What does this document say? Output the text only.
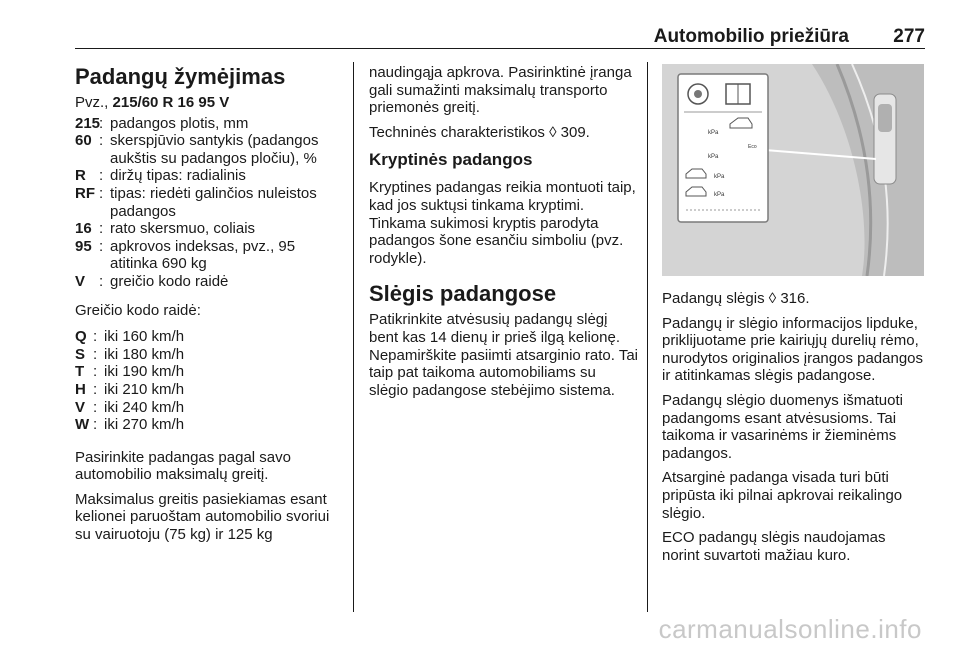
Automobilio priežiūra 277
Padangų žymėjimas

Pvz., 215/60 R 16 95 V

215
: padangos plotis, mm
60 : skerspjūvio santykis (padangos aukštis su padangos pločiu), %
R : diržų tipas: radialinis
RF : tipas: riedėti galinčios nuleistos padangos
16 : rato skersmuo, coliais
95 : apkrovos indeksas, pvz., 95 atitinka 690 kg
V : greičio kodo raidė

Greičio kodo raidė:

Q : iki 160 km/h
S : iki 180 km/h
T : iki 190 km/h
H : iki 210 km/h
V : iki 240 km/h
W : iki 270 km/h

Pasirinkite padangas pagal savo automobilio maksimalų greitį.

Maksimalus greitis pasiekiamas esant kelionei paruoštam automobilio svoriui su vairuotoju (75 kg) ir 125 kg

naudingąja apkrova. Pasirinktinė įranga gali sumažinti maksimalų transporto priemonės greitį.

Techninės charakteristikos ◊ 309.

Kryptinės padangos

Kryptines padangas reikia montuoti taip, kad jos suktųsi tinkama kryptimi. Tinkama sukimosi kryptis parodyta padangos šone esančiu simboliu (pvz. rodykle).

Slėgis padangose

Patikrinkite atvėsusių padangų slėgį bent kas 14 dienų ir prieš ilgą kelionę. Nepamirškite pasiimti atsarginio rato. Tai taip pat taikoma automobiliams su slėgio padangose stebėjimo sistema.

kPa
Eco
kPa
kPa
kPa

Padangų slėgis ◊ 316.

Padangų ir slėgio informacijos lipduke, priklijuotame prie kairiųjų durelių rėmo, nurodytos originalios įrangos padangos ir atitinkamas slėgis padangose.

Padangų slėgio duomenys išmatuoti padangoms esant atvėsusioms. Tai taikoma ir vasarinėms ir žieminėms padangos.

Atsarginė padanga visada turi būti pripūsta iki pilnai apkrovai reikalingo slėgio.

ECO padangų slėgis naudojamas norint suvartoti mažiau kuro.

carmanualsonline.info
